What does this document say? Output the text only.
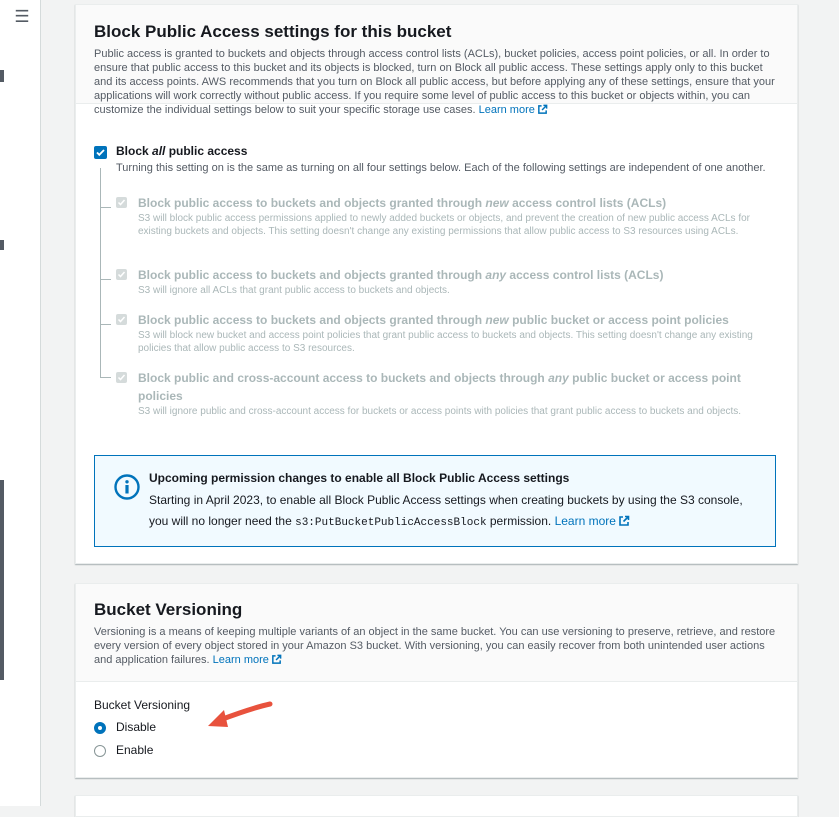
☰
Block Public Access settings for this bucket
Public access is granted to buckets and objects through access control lists (ACLs), bucket policies, access point policies, or all. In order to ensure that public access to this bucket and its objects is blocked, turn on Block all public access. These settings apply only to this bucket and its access points. AWS recommends that you turn on Block all public access, but before applying any of these settings, ensure that your applications will work correctly without public access. If you require some level of public access to this bucket or objects within, you can customize the individual settings below to suit your specific storage use cases. Learn more
Block all public access
Turning this setting on is the same as turning on all four settings below. Each of the following settings are independent of one another.
Block public access to buckets and objects granted through new access control lists (ACLs)
S3 will block public access permissions applied to newly added buckets or objects, and prevent the creation of new public access ACLs for existing buckets and objects. This setting doesn't change any existing permissions that allow public access to S3 resources using ACLs.
Block public access to buckets and objects granted through any access control lists (ACLs)
S3 will ignore all ACLs that grant public access to buckets and objects.
Block public access to buckets and objects granted through new public bucket or access point policies
S3 will block new bucket and access point policies that grant public access to buckets and objects. This setting doesn't change any existing policies that allow public access to S3 resources.
Block public and cross-account access to buckets and objects through any public bucket or access point policies
S3 will ignore public and cross-account access for buckets or access points with policies that grant public access to buckets and objects.
Upcoming permission changes to enable all Block Public Access settings
Starting in April 2023, to enable all Block Public Access settings when creating buckets by using the S3 console, you will no longer need the s3:PutBucketPublicAccessBlock permission. Learn more
Bucket Versioning
Versioning is a means of keeping multiple variants of an object in the same bucket. You can use versioning to preserve, retrieve, and restore every version of every object stored in your Amazon S3 bucket. With versioning, you can easily recover from both unintended user actions and application failures. Learn more
Bucket Versioning
Disable
Enable
